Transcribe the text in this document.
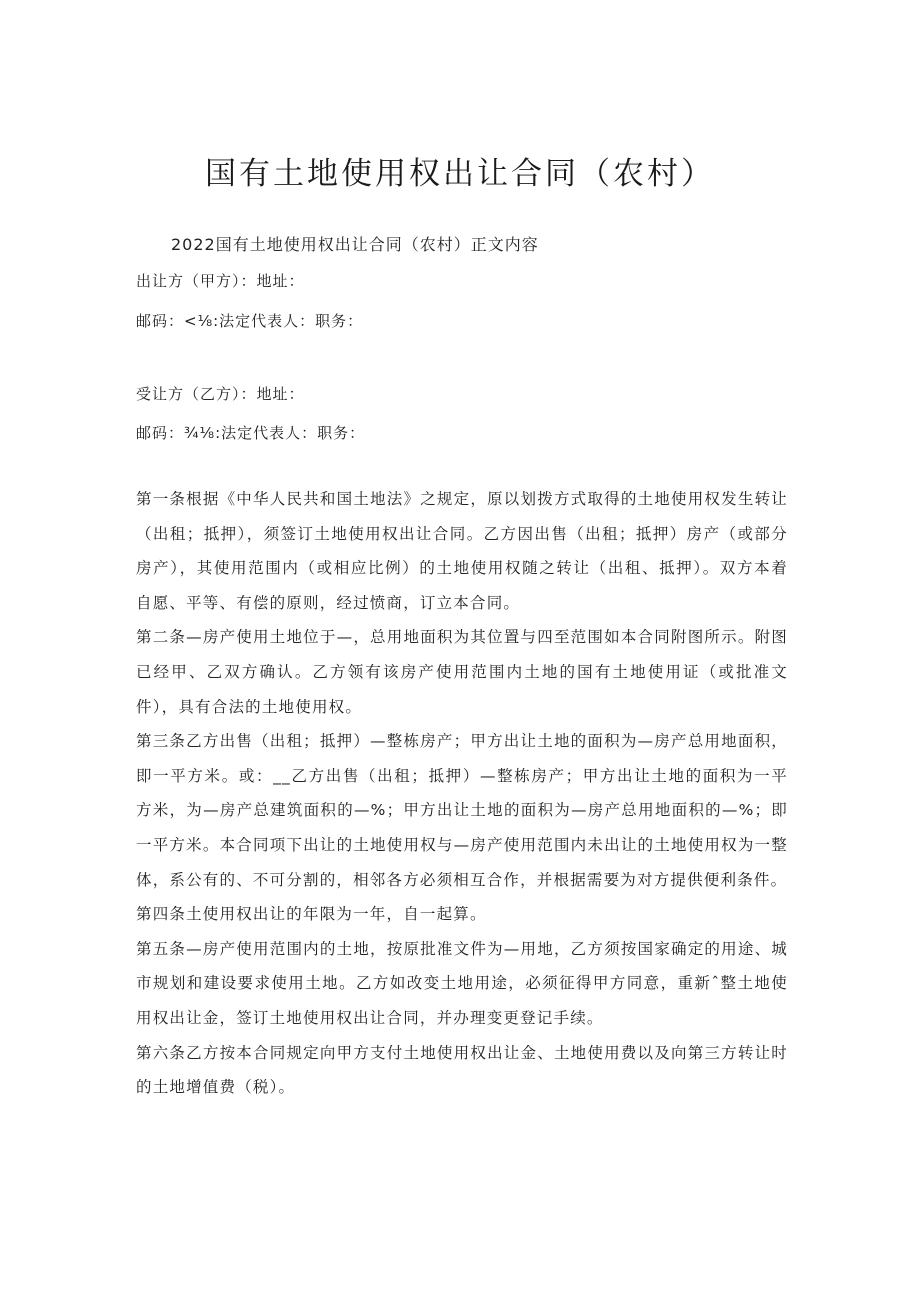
国有土地使用权出让合同（农村）
2022国有土地使用权出让合同（农村）正文内容
出让方（甲方）：地址：
邮码：<⅛:法定代表人：职务：
受让方（乙方）：地址：
邮码：¾⅛:法定代表人：职务：

第一条根据《中华人民共和国土地法》之规定，原以划拨方式取得的土地使用权发生转让（出租；抵押），须签订土地使用权出让合同。乙方因出售（出租；抵押）房产（或部分房产），其使用范围内（或相应比例）的土地使用权随之转让（出租、抵押）。双方本着自愿、平等、有偿的原则，经过愤商，订立本合同。

第二条—房产使用土地位于—，总用地面积为其位置与四至范围如本合同附图所示。附图已经甲、乙双方确认。乙方领有该房产使用范围内土地的国有土地使用证（或批准文件），具有合法的土地使用权。

第三条乙方出售（出租；抵押）—整栋房产；甲方出让土地的面积为—房产总用地面积，即一平方米。或：__乙方出售（出租；抵押）—整栋房产；甲方出让土地的面积为一平方米，为—房产总建筑面积的—%；甲方出让土地的面积为—房产总用地面积的—%；即一平方米。本合同项下出让的土地使用权与—房产使用范围内未出让的土地使用权为一整体，系公有的、不可分割的，相邻各方必须相互合作，并根据需要为对方提供便利条件。

第四条土使用权出让的年限为一年，自一起算。

第五条—房产使用范围内的土地，按原批准文件为—用地，乙方须按国家确定的用途、城市规划和建设要求使用土地。乙方如改变土地用途，必须征得甲方同意，重新ˆ整土地使用权出让金，签订土地使用权出让合同，并办理变更登记手续。

第六条乙方按本合同规定向甲方支付土地使用权出让金、土地使用费以及向第三方转让时的土地增值费（税）。
